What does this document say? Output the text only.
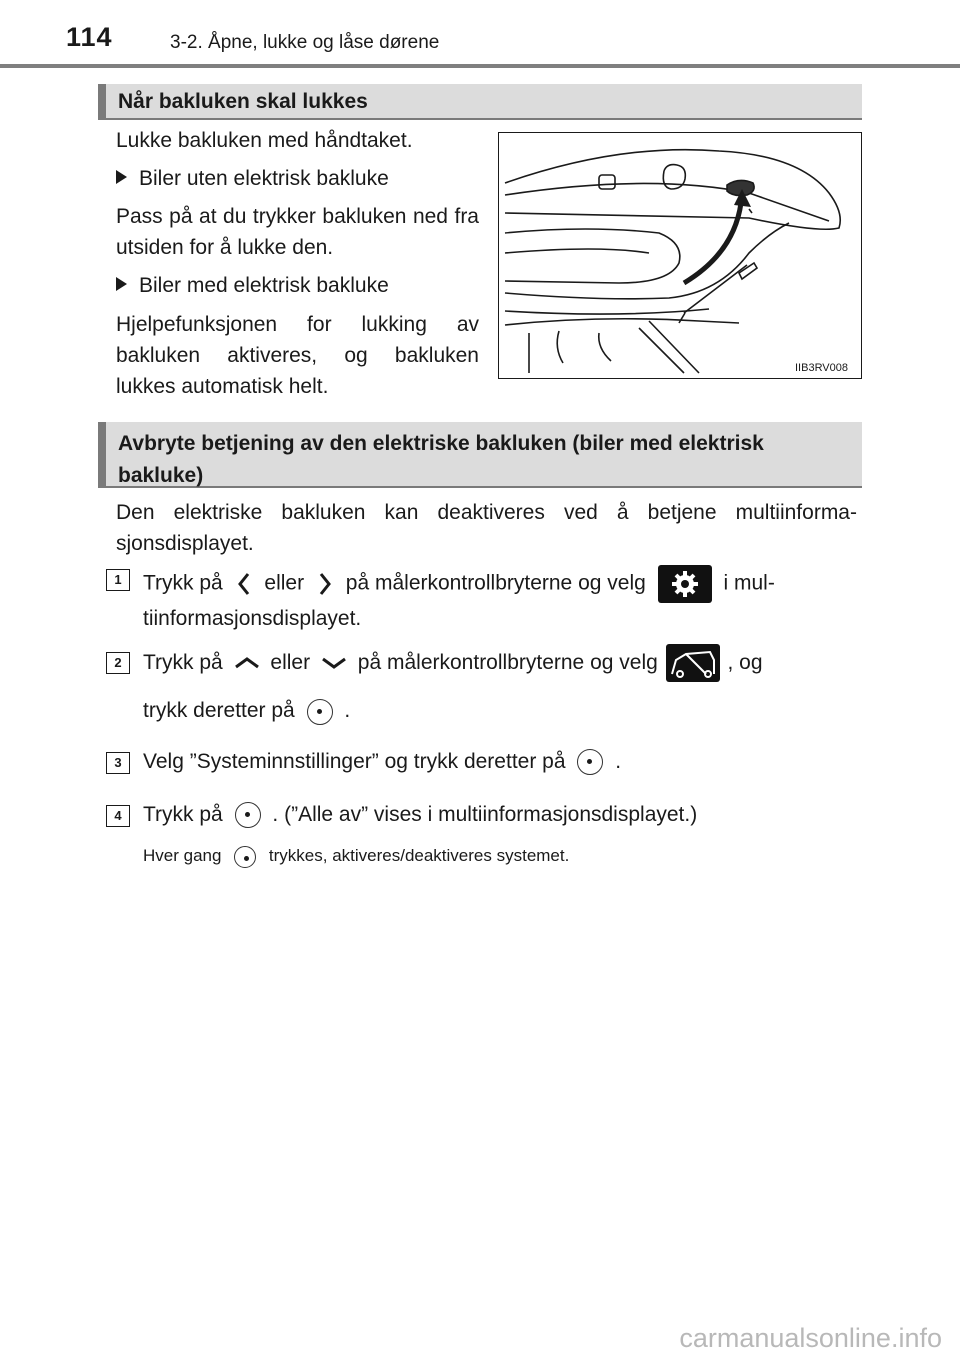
114	3-2. Åpne, lukke og låse dørene
Når bakluken skal lukkes
Lukke bakluken med håndtaket.
Biler uten elektrisk bakluke
Pass på at du trykker bakluken ned fra utsiden for å lukke den.
Biler med elektrisk bakluke
Hjelpefunksjonen for lukking av bakluken aktiveres, og bakluken lukkes automatisk helt.
IIB3RV008
Avbryte betjening av den elektriske bakluken (biler med elektrisk bakluke)
Den elektriske bakluken kan deaktiveres ved å betjene multiinformasjonsdisplayet.
1	Trykk på eller på målerkontrollbryterne og velg	i multiinformasjonsdisplayet.
2	Trykk på eller på målerkontrollbryterne og velg	, og

trykk deretter på .
3	Velg ”Systeminnstillinger” og trykk deretter på .
4	Trykk på . (”Alle av” vises i multiinformasjonsdisplayet.)
Hver gang	trykkes, aktiveres/deaktiveres systemet.
carmanualsonline.info
